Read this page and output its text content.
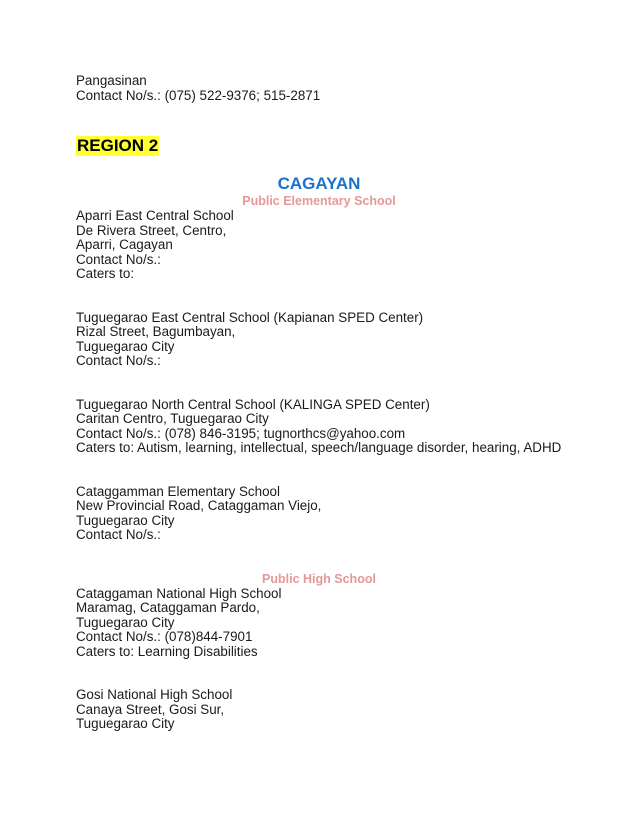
Pangasinan
Contact No/s.: (075) 522-9376; 515-2871
REGION 2
CAGAYAN
Public Elementary School
Aparri East Central School
De Rivera Street, Centro,
Aparri, Cagayan
Contact No/s.:
Caters to:
Tuguegarao East Central School (Kapianan SPED Center)
Rizal Street, Bagumbayan,
Tuguegarao City
Contact No/s.:
Tuguegarao North Central School (KALINGA SPED Center)
Caritan Centro, Tuguegarao City
Contact No/s.: (078) 846-3195; tugnorthcs@yahoo.com
Caters to: Autism, learning, intellectual, speech/language disorder, hearing, ADHD
Cataggamman Elementary School
New Provincial Road, Cataggaman Viejo,
Tuguegarao City
Contact No/s.:
Public High School
Cataggaman National High School
Maramag, Cataggaman Pardo,
Tuguegarao City
Contact No/s.: (078)844-7901
Caters to: Learning Disabilities
Gosi National High School
Canaya Street, Gosi Sur,
Tuguegarao City
